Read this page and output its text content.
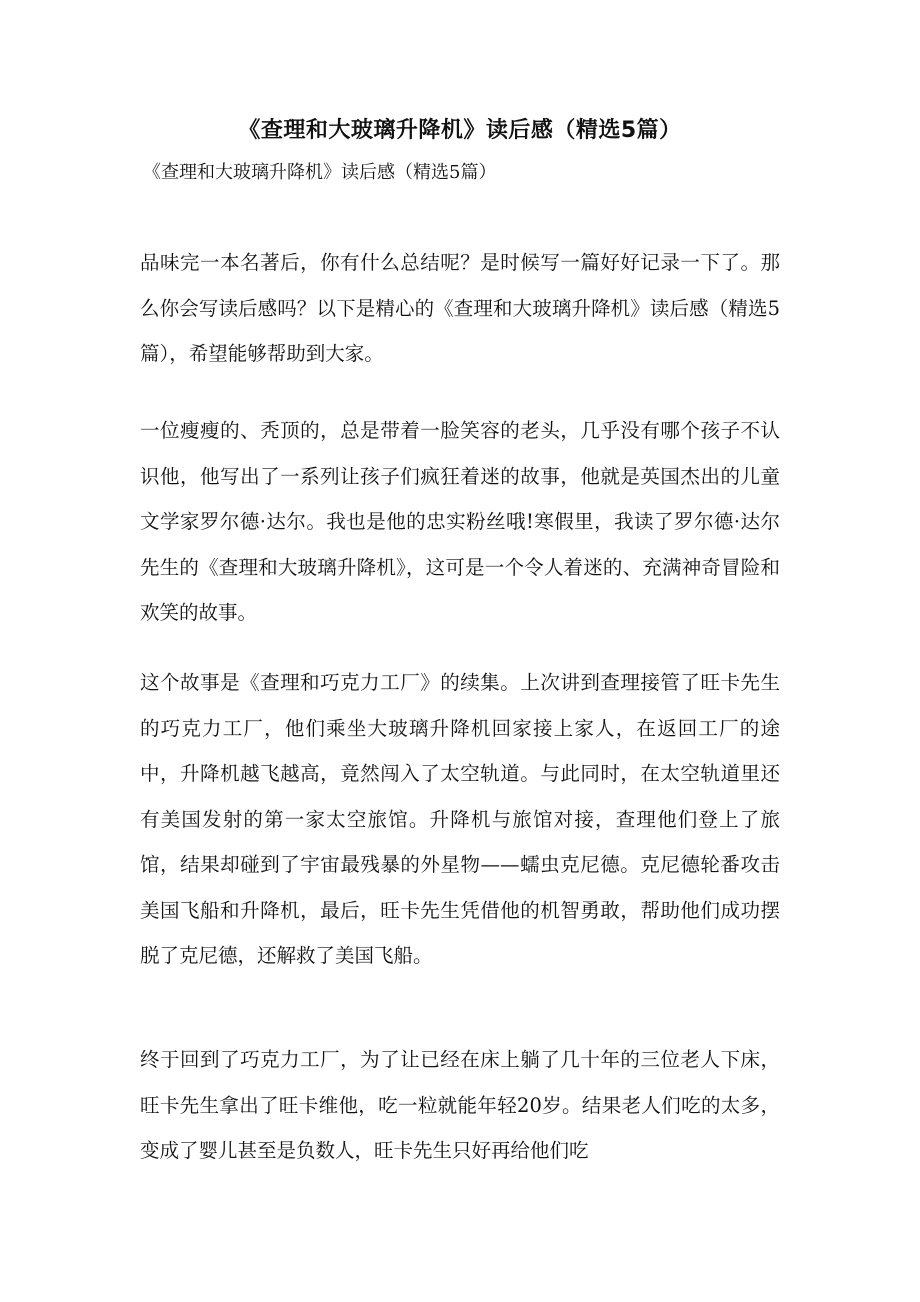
《查理和大玻璃升降机》读后感（精选5篇）

《查理和大玻璃升降机》读后感（精选5篇）

品味完一本名著后，你有什么总结呢？是时候写一篇好好记录一下了。那么你会写读后感吗？以下是精心的《查理和大玻璃升降机》读后感（精选5篇），希望能够帮助到大家。

一位瘦瘦的、秃顶的，总是带着一脸笑容的老头，几乎没有哪个孩子不认识他，他写出了一系列让孩子们疯狂着迷的故事，他就是英国杰出的儿童文学家罗尔德·达尔。我也是他的忠实粉丝哦!寒假里，我读了罗尔德·达尔先生的《查理和大玻璃升降机》，这可是一个令人着迷的、充满神奇冒险和欢笑的故事。

这个故事是《查理和巧克力工厂》的续集。上次讲到查理接管了旺卡先生的巧克力工厂，他们乘坐大玻璃升降机回家接上家人，在返回工厂的途中，升降机越飞越高，竟然闯入了太空轨道。与此同时，在太空轨道里还有美国发射的第一家太空旅馆。升降机与旅馆对接，查理他们登上了旅馆，结果却碰到了宇宙最残暴的外星物——蠕虫克尼德。克尼德轮番攻击美国飞船和升降机，最后，旺卡先生凭借他的机智勇敢，帮助他们成功摆脱了克尼德，还解救了美国飞船。

终于回到了巧克力工厂，为了让已经在床上躺了几十年的三位老人下床，旺卡先生拿出了旺卡维他，吃一粒就能年轻20岁。结果老人们吃的太多，变成了婴儿甚至是负数人，旺卡先生只好再给他们吃
